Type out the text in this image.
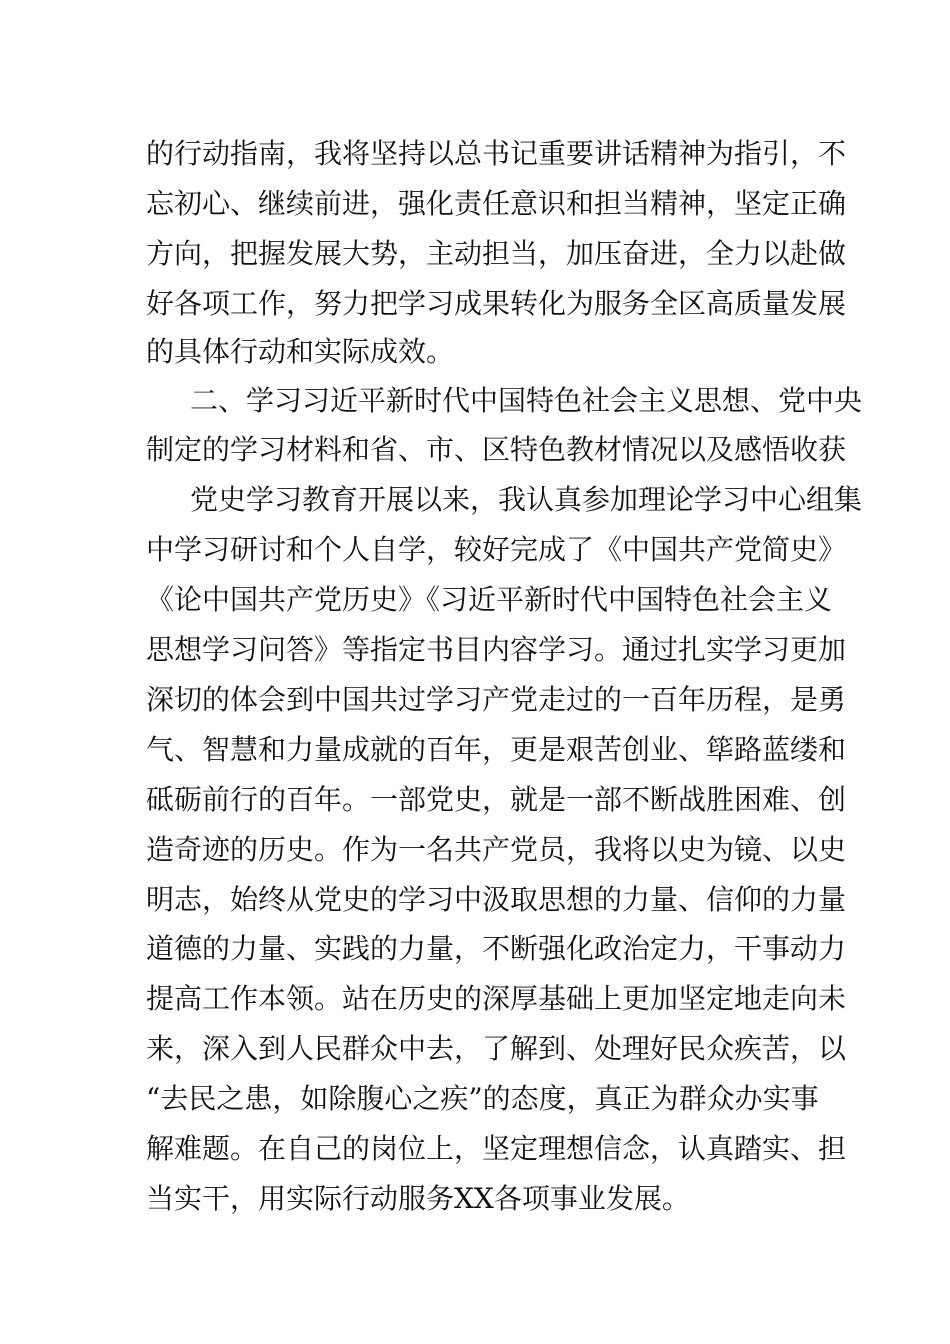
的行动指南，我将坚持以总书记重要讲话精神为指引，不
忘初心、继续前进，强化责任意识和担当精神，坚定正确
方向，把握发展大势，主动担当，加压奋进，全力以赴做
好各项工作，努力把学习成果转化为服务全区高质量发展
的具体行动和实际成效。
二、学习习近平新时代中国特色社会主义思想、党中央
制定的学习材料和省、市、区特色教材情况以及感悟收获
党史学习教育开展以来，我认真参加理论学习中心组集
中学习研讨和个人自学，较好完成了《中国共产党简史》
《论中国共产党历史》《习近平新时代中国特色社会主义
思想学习问答》等指定书目内容学习。通过扎实学习更加
深切的体会到中国共过学习产党走过的一百年历程，是勇
气、智慧和力量成就的百年，更是艰苦创业、筚路蓝缕和
砥砺前行的百年。一部党史，就是一部不断战胜困难、创
造奇迹的历史。作为一名共产党员，我将以史为镜、以史
明志，始终从党史的学习中汲取思想的力量、信仰的力量
道德的力量、实践的力量，不断强化政治定力，干事动力
提高工作本领。站在历史的深厚基础上更加坚定地走向未
来，深入到人民群众中去，了解到、处理好民众疾苦，以
“去民之患，如除腹心之疾”的态度，真正为群众办实事
解难题。在自己的岗位上，坚定理想信念，认真踏实、担
当实干，用实际行动服务XX各项事业发展。
